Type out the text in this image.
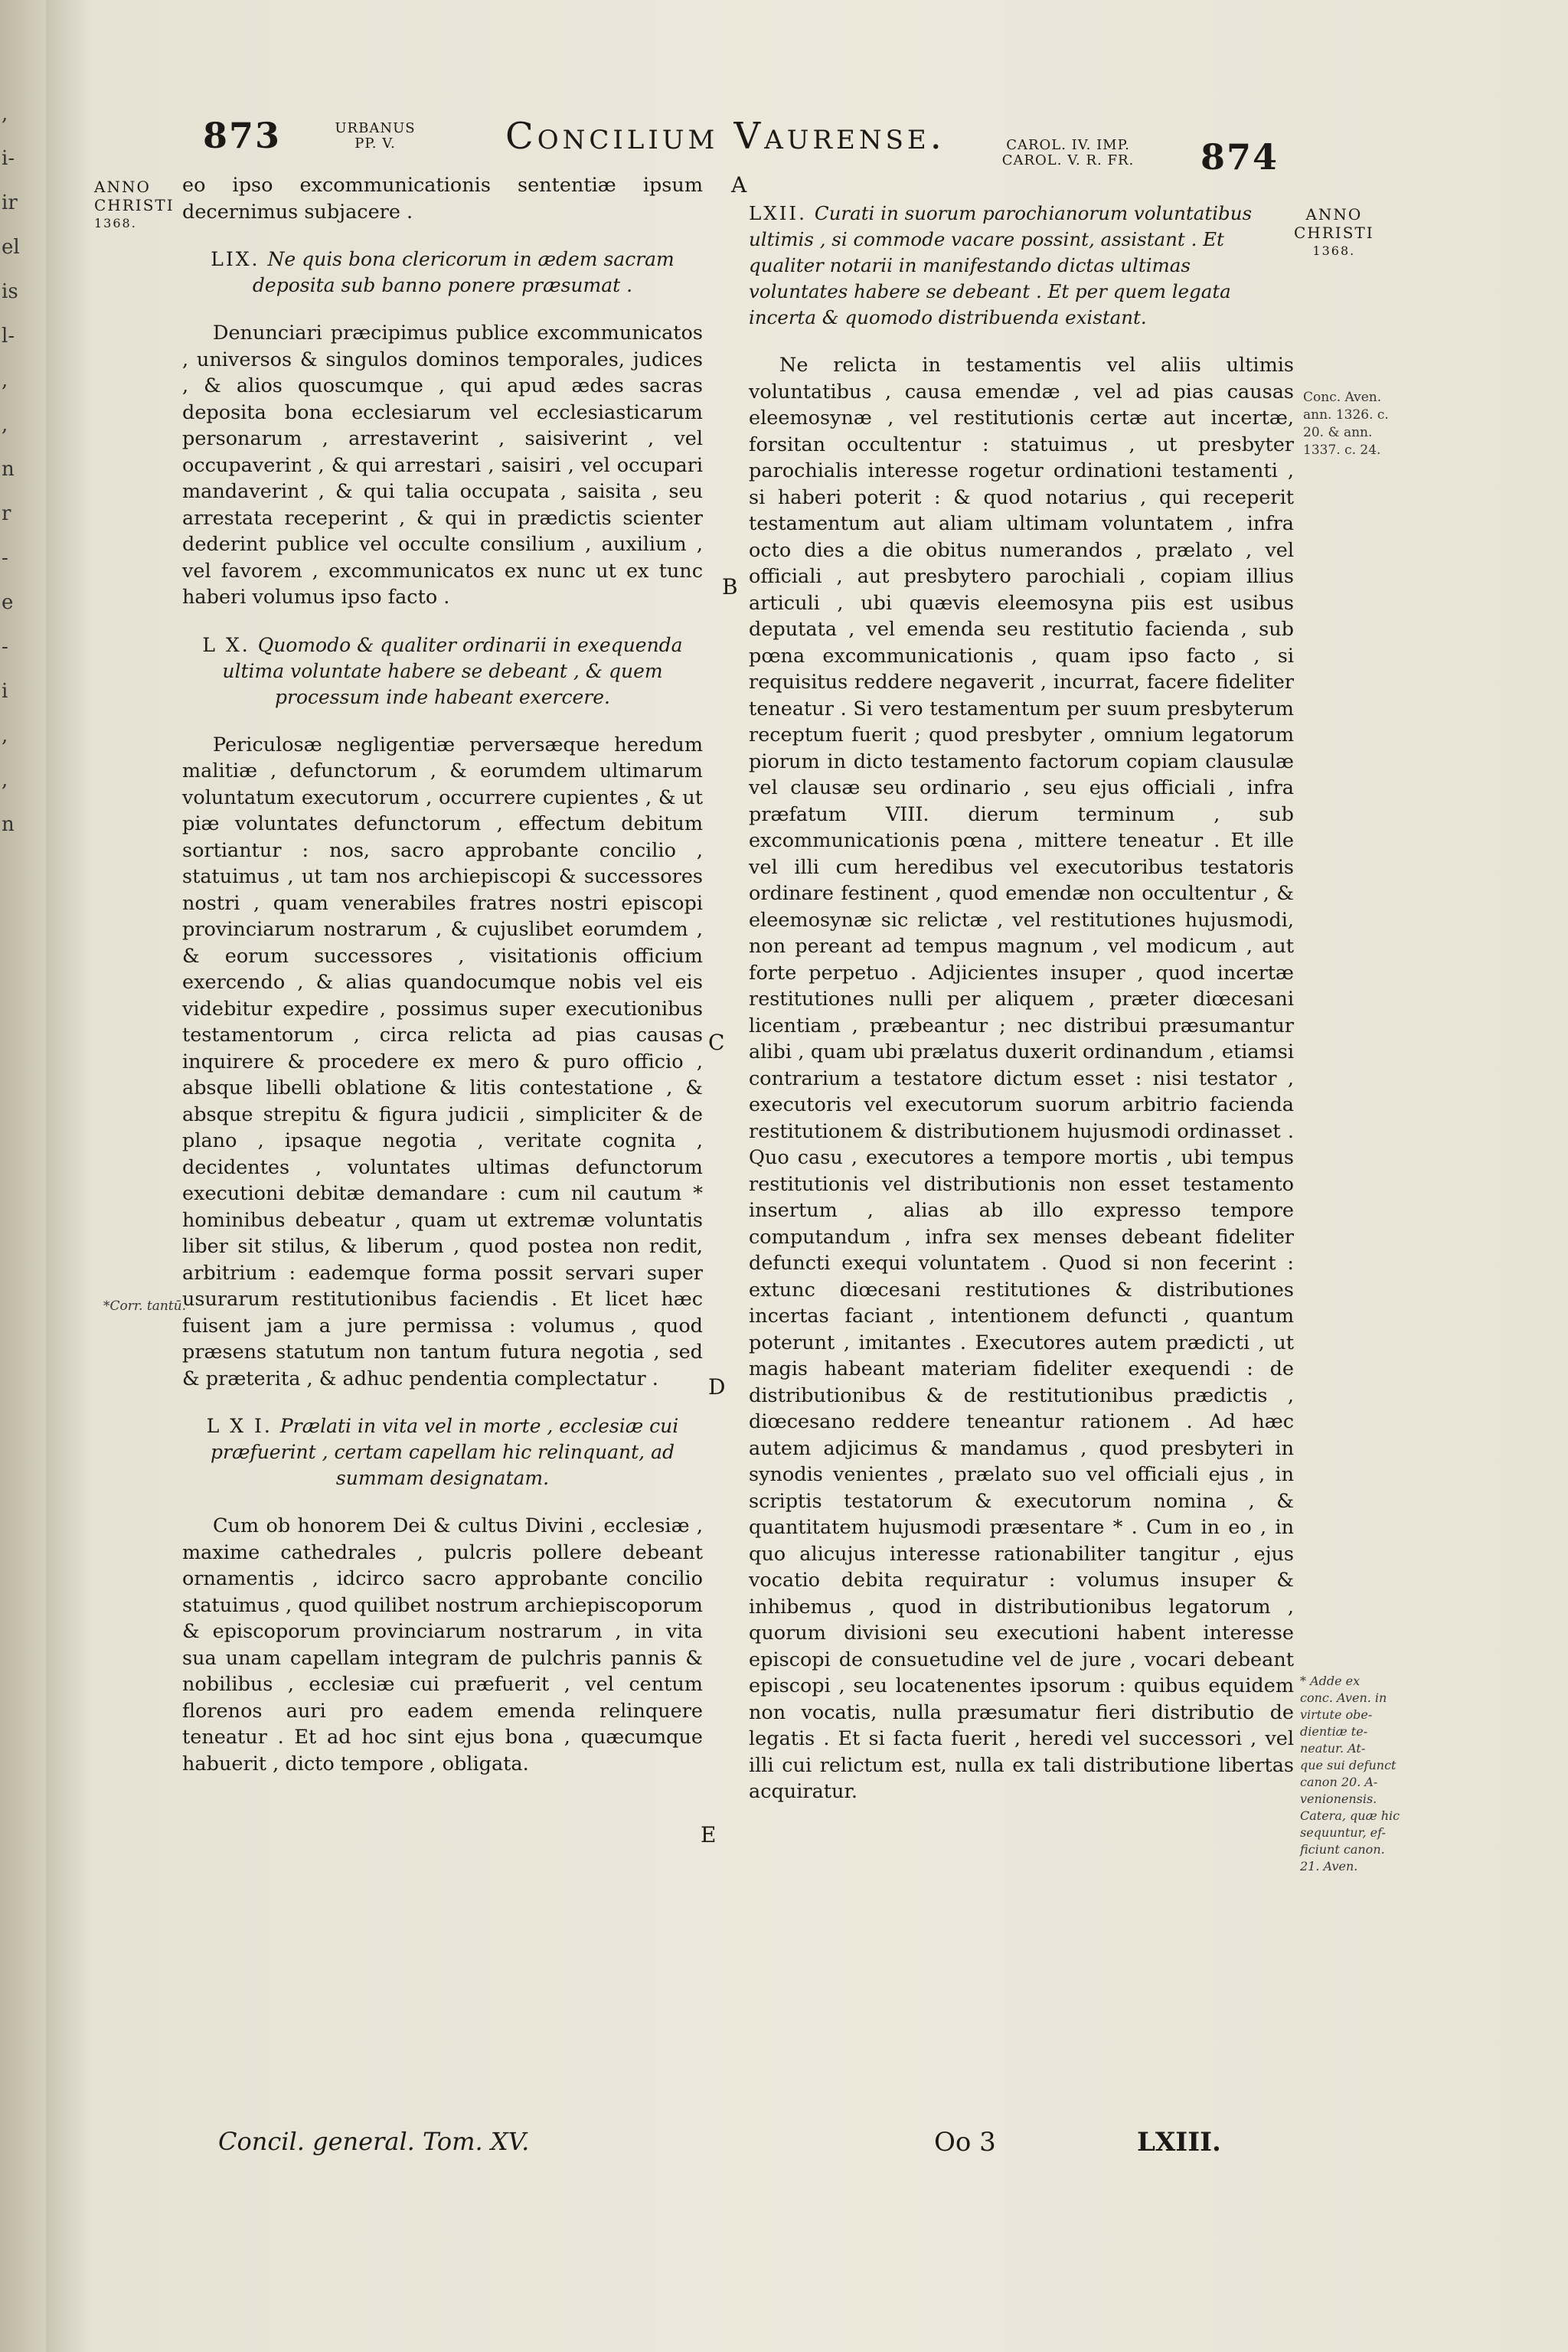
,
i-
ir
el
is
l-
,
,
n
r
-
e
-
i
,
,
n
873	URBANUS
PP. V.	Concilium Vaurense.	CAROL. IV. IMP.
CAROL. V. R. FR. 874
ANNO
CHRISTI
1368.	ANNO
CHRISTI
1368.
A
B
C
D
E

eo ipso excommunicationis sententiæ ipsum decernimus subjacere .

LIX. Ne quis bona clericorum in ædem sacram deposita sub banno ponere præsumat .

Denunciari præcipimus publice excommunicatos , universos & singulos dominos temporales, judices , & alios quoscumque , qui apud ædes sacras deposita bona ecclesiarum vel ecclesiasticarum personarum , arrestaverint , saisiverint , vel occupaverint , & qui arrestari , saisiri , vel occupari mandaverint , & qui talia occupata , saisita , seu arrestata receperint , & qui in prædictis scienter dederint publice vel occulte consilium , auxilium , vel favorem , excommunicatos ex nunc ut ex tunc haberi volumus ipso facto .

L X. Quomodo & qualiter ordinarii in exequenda ultima voluntate habere se debeant , & quem processum inde habeant exercere.

Periculosæ negligentiæ perversæque heredum malitiæ , defunctorum , & eorumdem ultimarum voluntatum executorum , occurrere cupientes , & ut piæ voluntates defunctorum , effectum debitum sortiantur : nos, sacro approbante concilio , statuimus , ut tam nos archiepiscopi & successores nostri , quam venerabiles fratres nostri episcopi provinciarum nostrarum , & cujuslibet eorumdem , & eorum successores , visitationis officium exercendo , & alias quandocumque nobis vel eis videbitur expedire , possimus super executionibus testamentorum , circa relicta ad pias causas inquirere & procedere ex mero & puro officio , absque libelli oblatione & litis contestatione , & absque strepitu & figura judicii , simpliciter & de plano , ipsaque negotia , veritate cognita , decidentes , voluntates ultimas defunctorum executioni debitæ demandare : cum nil cautum * hominibus debeatur , quam ut extremæ voluntatis liber sit stilus, & liberum , quod postea non redit, arbitrium : eademque forma possit servari super usurarum restitutionibus faciendis . Et licet hæc fuisent jam a jure permissa : volumus , quod præsens statutum non tantum futura negotia , sed & præterita , & adhuc pendentia complectatur .

L X I. Prælati in vita vel in morte , ecclesiæ cui præfuerint , certam capellam hic relinquant, ad summam designatam.

Cum ob honorem Dei & cultus Divini , ecclesiæ , maxime cathedrales , pulcris pollere debeant ornamentis , idcirco sacro approbante concilio statuimus , quod quilibet nostrum archiepiscoporum & episcoporum provinciarum nostrarum , in vita sua unam capellam integram de pulchris pannis & nobilibus , ecclesiæ cui præfuerit , vel centum florenos auri pro eadem emenda relinquere teneatur . Et ad hoc sint ejus bona , quæcumque habuerit , dicto tempore , obligata.

*Corr. tantū.

LXII. Curati in suorum parochianorum voluntatibus ultimis , si commode vacare possint, assistant . Et qualiter notarii in manifestando dictas ultimas voluntates habere se debeant . Et per quem legata incerta & quomodo distribuenda existant.

Ne relicta in testamentis vel aliis ultimis voluntatibus , causa emendæ , vel ad pias causas eleemosynæ , vel restitutionis certæ aut incertæ, forsitan occultentur : statuimus , ut presbyter parochialis interesse rogetur ordinationi testamenti , si haberi poterit : & quod notarius , qui receperit testamentum aut aliam ultimam voluntatem , infra octo dies a die obitus numerandos , prælato , vel officiali , aut presbytero parochiali , copiam illius articuli , ubi quævis eleemosyna piis est usibus deputata , vel emenda seu restitutio facienda , sub pœna excommunicationis , quam ipso facto , si requisitus reddere negaverit , incurrat, facere fideliter teneatur . Si vero testamentum per suum presbyterum receptum fuerit ; quod presbyter , omnium legatorum piorum in dicto testamento factorum copiam clausulæ vel clausæ seu ordinario , seu ejus officiali , infra præfatum VIII. dierum terminum , sub excommunicationis pœna , mittere teneatur . Et ille vel illi cum heredibus vel executoribus testatoris ordinare festinent , quod emendæ non occultentur , & eleemosynæ sic relictæ , vel restitutiones hujusmodi, non pereant ad tempus magnum , vel modicum , aut forte perpetuo . Adjicientes insuper , quod incertæ restitutiones nulli per aliquem , præter diœcesani licentiam , præbeantur ; nec distribui præsumantur alibi , quam ubi prælatus duxerit ordinandum , etiamsi contrarium a testatore dictum esset : nisi testator , executoris vel executorum suorum arbitrio facienda restitutionem & distributionem hujusmodi ordinasset . Quo casu , executores a tempore mortis , ubi tempus restitutionis vel distributionis non esset testamento insertum , alias ab illo expresso tempore computandum , infra sex menses debeant fideliter defuncti exequi voluntatem . Quod si non fecerint : extunc diœcesani restitutiones & distributiones incertas faciant , intentionem defuncti , quantum poterunt , imitantes . Executores autem prædicti , ut magis habeant materiam fideliter exequendi : de distributionibus & de restitutionibus prædictis , diœcesano reddere teneantur rationem . Ad hæc autem adjicimus & mandamus , quod presbyteri in synodis venientes , prælato suo vel officiali ejus , in scriptis testatorum & executorum nomina , & quantitatem hujusmodi præsentare * . Cum in eo , in quo alicujus interesse rationabiliter tangitur , ejus vocatio debita requiratur : volumus insuper & inhibemus , quod in distributionibus legatorum , quorum divisioni seu executioni habent interesse episcopi de consuetudine vel de jure , vocari debeant episcopi , seu locatenentes ipsorum : quibus equidem non vocatis, nulla præsumatur fieri distributio de legatis . Et si facta fuerit , heredi vel successori , vel illi cui relictum est, nulla ex tali distributione libertas acquiratur.

Conc. Aven.
ann. 1326. c.
20. & ann.
1337. c. 24.
* Adde ex
conc. Aven. in
virtute obe-
dientiæ te-
neatur. At-
que sui defunct
canon 20. A-
venionensis.
Catera, quæ hic
sequuntur, ef-
ficiunt canon.
21. Aven.
Concil. general. Tom. XV.	Oo 3	LXIII.
